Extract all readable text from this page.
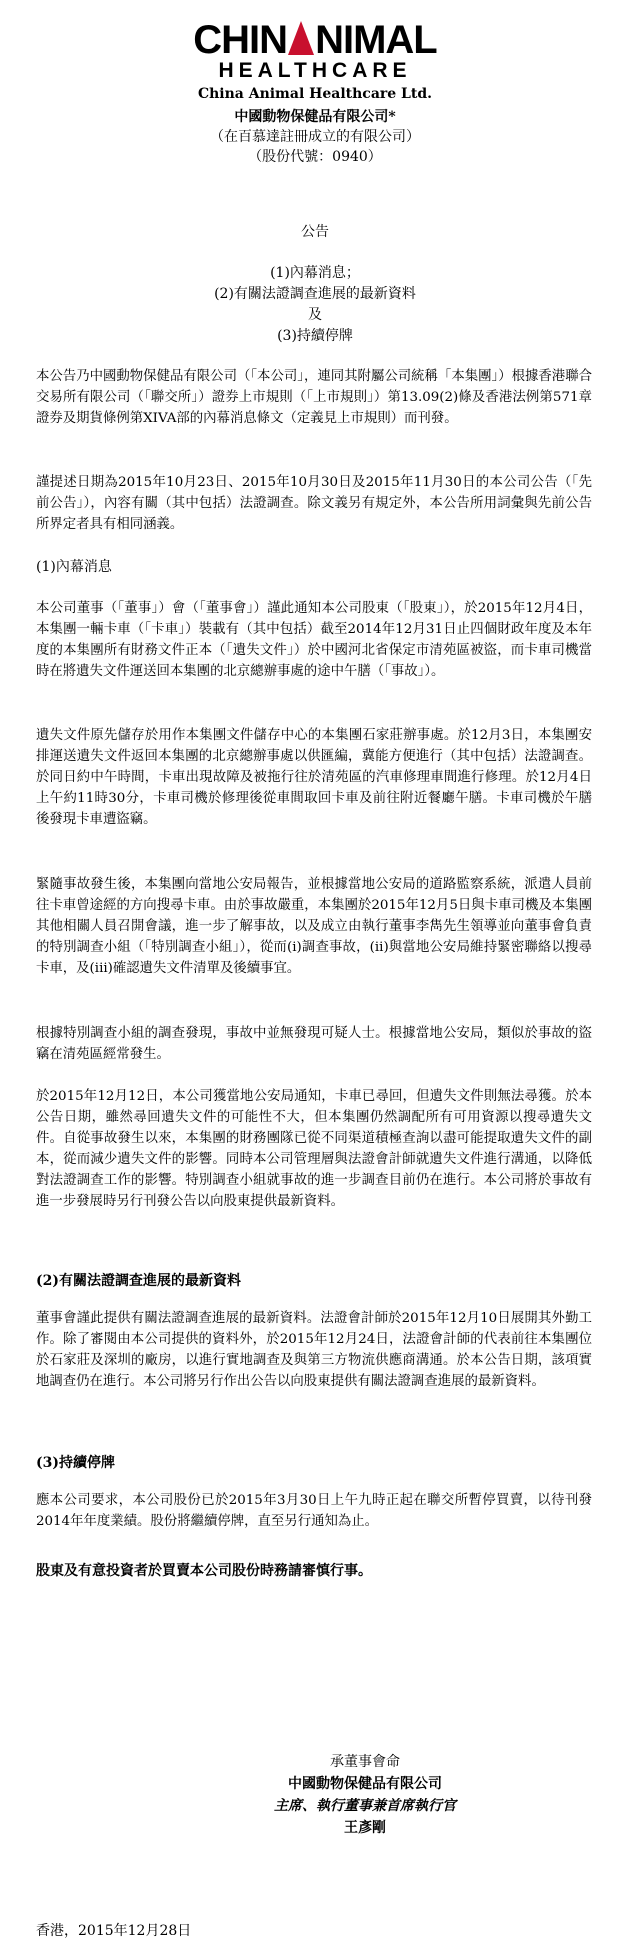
CHIN NIMAL
HEALTHCARE
China Animal Healthcare Ltd.
中國動物保健品有限公司*
（在百慕達註冊成立的有限公司）
（股份代號：0940）
公告
(1)內幕消息；
(2)有關法證調查進展的最新資料
及
(3)持續停牌

本公告乃中國動物保健品有限公司（「本公司」，連同其附屬公司統稱「本集團」）根據香港聯合交易所有限公司（「聯交所」）證券上市規則（「上市規則」）第13.09(2)條及香港法例第571章證券及期貨條例第XIVA部的內幕消息條文（定義見上市規則）而刊發。

謹提述日期為2015年10月23日、2015年10月30日及2015年11月30日的本公司公告（「先前公告」），內容有關（其中包括）法證調查。除文義另有規定外，本公告所用詞彙與先前公告所界定者具有相同涵義。

(1)內幕消息

本公司董事（「董事」）會（「董事會」）謹此通知本公司股東（「股東」），於2015年12月4日，本集團一輛卡車（「卡車」）裝載有（其中包括）截至2014年12月31日止四個財政年度及本年度的本集團所有財務文件正本（「遺失文件」）於中國河北省保定市清苑區被盜，而卡車司機當時在將遺失文件運送回本集團的北京總辦事處的途中午膳（「事故」）。

遺失文件原先儲存於用作本集團文件儲存中心的本集團石家莊辦事處。於12月3日，本集團安排運送遺失文件返回本集團的北京總辦事處以供匯編，冀能方便進行（其中包括）法證調查。於同日約中午時間，卡車出現故障及被拖行往於清苑區的汽車修理車間進行修理。於12月4日上午約11時30分，卡車司機於修理後從車間取回卡車及前往附近餐廳午膳。卡車司機於午膳後發現卡車遭盜竊。

緊隨事故發生後，本集團向當地公安局報告，並根據當地公安局的道路監察系統，派遣人員前往卡車曾途經的方向搜尋卡車。由於事故嚴重，本集團於2015年12月5日與卡車司機及本集團其他相關人員召開會議，進一步了解事故，以及成立由執行董事李雋先生領導並向董事會負責的特別調查小組（「特別調查小組」），從而(i)調查事故，(ii)與當地公安局維持緊密聯絡以搜尋卡車，及(iii)確認遺失文件清單及後續事宜。

根據特別調查小組的調查發現，事故中並無發現可疑人士。根據當地公安局，類似於事故的盜竊在清苑區經常發生。

於2015年12月12日，本公司獲當地公安局通知，卡車已尋回，但遺失文件則無法尋獲。於本公告日期，雖然尋回遺失文件的可能性不大，但本集團仍然調配所有可用資源以搜尋遺失文件。自從事故發生以來，本集團的財務團隊已從不同渠道積極查詢以盡可能提取遺失文件的副本，從而減少遺失文件的影響。同時本公司管理層與法證會計師就遺失文件進行溝通，以降低對法證調查工作的影響。特別調查小組就事故的進一步調查目前仍在進行。本公司將於事故有進一步發展時另行刊發公告以向股東提供最新資料。

(2)有關法證調查進展的最新資料

董事會謹此提供有關法證調查進展的最新資料。法證會計師於2015年12月10日展開其外勤工作。除了審閱由本公司提供的資料外，於2015年12月24日，法證會計師的代表前往本集團位於石家莊及深圳的廠房，以進行實地調查及與第三方物流供應商溝通。於本公告日期，該項實地調查仍在進行。本公司將另行作出公告以向股東提供有關法證調查進展的最新資料。

(3)持續停牌

應本公司要求，本公司股份已於2015年3月30日上午九時正起在聯交所暫停買賣，以待刊發2014年年度業績。股份將繼續停牌，直至另行通知為止。

股東及有意投資者於買賣本公司股份時務請審慎行事。
承董事會命
中國動物保健品有限公司
主席、執行董事兼首席執行官
王彥剛
香港，2015年12月28日
